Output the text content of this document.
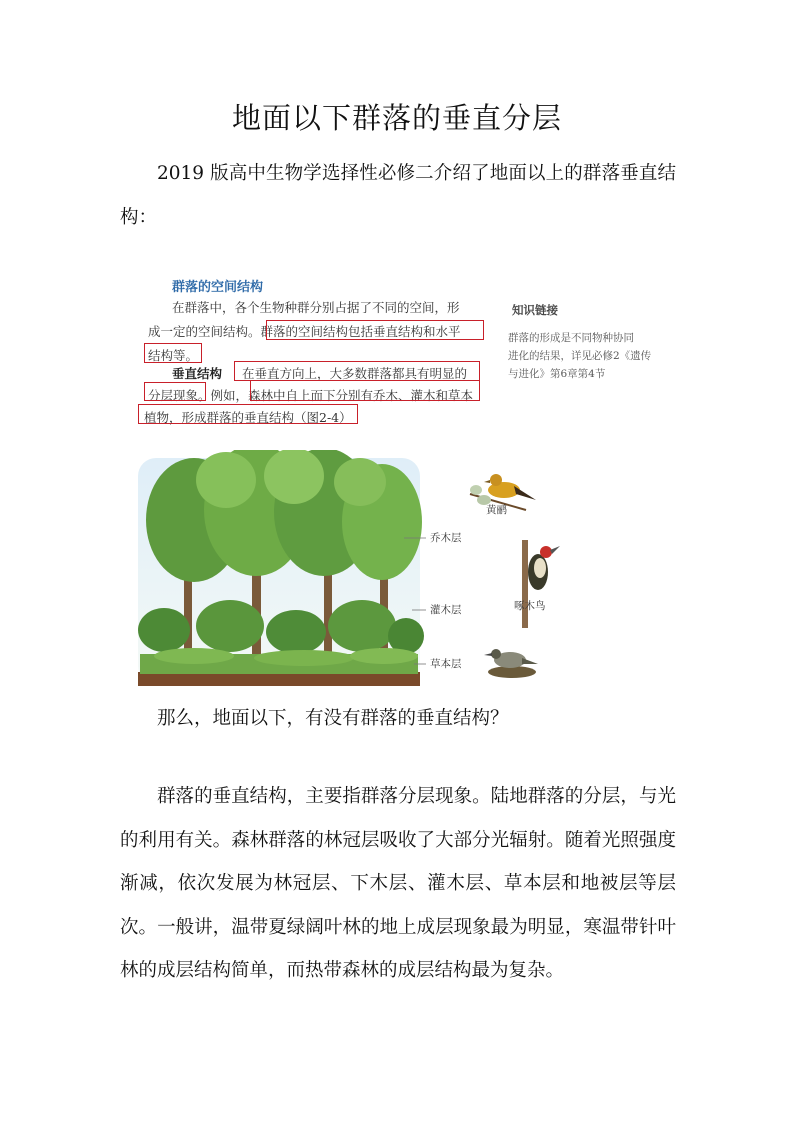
地面以下群落的垂直分层
2019 版高中生物学选择性必修二介绍了地面以上的群落垂直结构：
群落的空间结构
在群落中，各个生物种群分别占据了不同的空间，形
成一定的空间结构。群落的空间结构包括垂直结构和水平
结构等。
垂直结构 在垂直方向上，大多数群落都具有明显的
分层现象。例如，森林中自上而下分别有乔木、灌木和草本
植物，形成群落的垂直结构（图2-4）
知识链接
群落的形成是不同物种协同
进化的结果，详见必修2《遗传
与进化》第6章第4节
乔木层
灌木层
草本层
黄鹂
啄木鸟
那么，地面以下，有没有群落的垂直结构？
群落的垂直结构，主要指群落分层现象。陆地群落的分层，与光的利用有关。森林群落的林冠层吸收了大部分光辐射。随着光照强度渐减，依次发展为林冠层、下木层、灌木层、草本层和地被层等层次。一般讲，温带夏绿阔叶林的地上成层现象最为明显，寒温带针叶林的成层结构简单，而热带森林的成层结构最为复杂。
